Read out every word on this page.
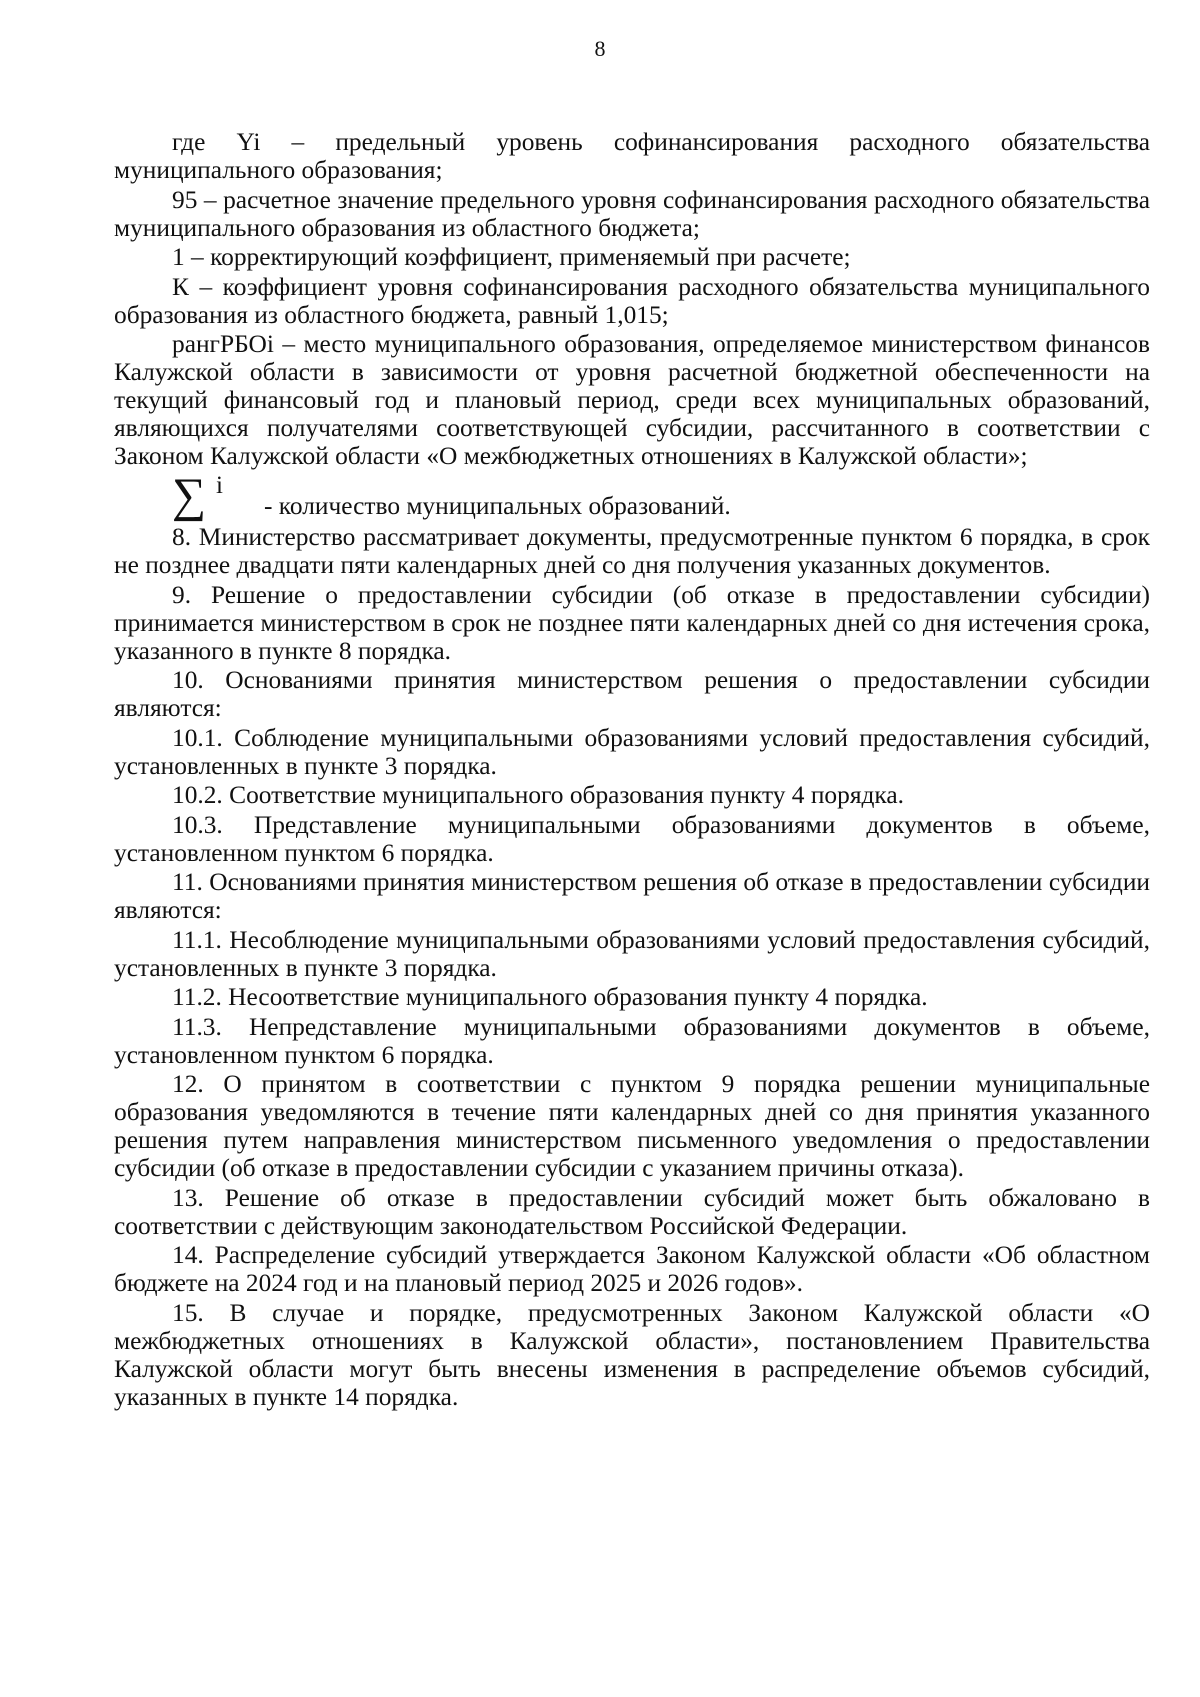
8

где Yi – предельный уровень софинансирования расходного обязательства муниципального образования;

95 – расчетное значение предельного уровня софинансирования расходного обязательства муниципального образования из областного бюджета;

1 – корректирующий коэффициент, применяемый при расчете;

К – коэффициент уровня софинансирования расходного обязательства муниципального образования из областного бюджета, равный 1,015;

рангРБОi – место муниципального образования, определяемое министерством финансов Калужской области в зависимости от уровня расчетной бюджетной обеспеченности на текущий финансовый год и плановый период, среди всех муниципальных образований, являющихся получателями соответствующей субсидии, рассчитанного в соответствии с Законом Калужской области «О межбюджетных отношениях в Калужской области»;

∑ i
- количество муниципальных образований.

8. Министерство рассматривает документы, предусмотренные пунктом 6 порядка, в срок не позднее двадцати пяти календарных дней со дня получения указанных документов.

9. Решение о предоставлении субсидии (об отказе в предоставлении субсидии) принимается министерством в срок не позднее пяти календарных дней со дня истечения срока, указанного в пункте 8 порядка.

10. Основаниями принятия министерством решения о предоставлении субсидии являются:

10.1. Соблюдение муниципальными образованиями условий предоставления субсидий, установленных в пункте 3 порядка.

10.2. Соответствие муниципального образования пункту 4 порядка.

10.3. Представление муниципальными образованиями документов в объеме, установленном пунктом 6 порядка.

11. Основаниями принятия министерством решения об отказе в предоставлении субсидии являются:

11.1. Несоблюдение муниципальными образованиями условий предоставления субсидий, установленных в пункте 3 порядка.

11.2. Несоответствие муниципального образования пункту 4 порядка.

11.3. Непредставление муниципальными образованиями документов в объеме, установленном пунктом 6 порядка.

12. О принятом в соответствии с пунктом 9 порядка решении муниципальные образования уведомляются в течение пяти календарных дней со дня принятия указанного решения путем направления министерством письменного уведомления о предоставлении субсидии (об отказе в предоставлении субсидии с указанием причины отказа).

13. Решение об отказе в предоставлении субсидий может быть обжаловано в соответствии с действующим законодательством Российской Федерации.

14. Распределение субсидий утверждается Законом Калужской области «Об областном бюджете на 2024 год и на плановый период 2025 и 2026 годов».

15. В случае и порядке, предусмотренных Законом Калужской области «О межбюджетных отношениях в Калужской области», постановлением Правительства Калужской области могут быть внесены изменения в распределение объемов субсидий, указанных в пункте 14 порядка.
